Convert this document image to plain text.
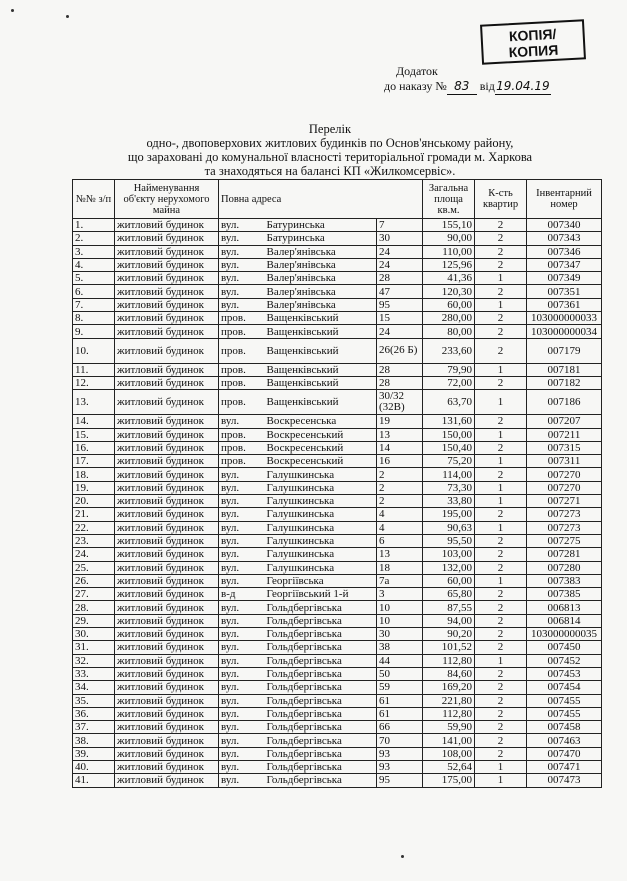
КОПІЯ/
КОПИЯ
Додаток
до наказу № 83 від19.04.19
Перелік
одно-, двоповерхових житлових будинків по Основ'янському району,
що зараховані до комунальної власності територіальної громади м. Харкова
та знаходяться на балансі КП «Жилкомсервіс».
№№ з/п	Найменування об'єкту нерухомого майна	Повна адреса			Загальна площа кв.м.	К-сть квартир	Інвентарний номер
1.	житловий будинок	вул.	Батуринська	7	155,10	2	007340
2.	житловий будинок	вул.	Батуринська	30	90,00	2	007343
3.	житловий будинок	вул.	Валер'янівська	24	110,00	2	007346
4.	житловий будинок	вул.	Валер'янівська	24	125,96	2	007347
5.	житловий будинок	вул.	Валер'янівська	28	41,36	1	007349
6.	житловий будинок	вул.	Валер'янівська	47	120,30	2	007351
7.	житловий будинок	вул.	Валер'янівська	95	60,00	1	007361
8.	житловий будинок	пров.	Ващенківський	15	280,00	2	103000000033
9.	житловий будинок	пров.	Ващенківський	24	80,00	2	103000000034
10.	житловий будинок	пров.	Ващенківський	26(26 Б)	233,60	2	007179
11.	житловий будинок	пров.	Ващенківський	28	79,90	1	007181
12.	житловий будинок	пров.	Ващенківський	28	72,00	2	007182
13.	житловий будинок	пров.	Ващенківський	30/32 (32В)	63,70	1	007186
14.	житловий будинок	вул.	Воскресенська	19	131,60	2	007207
15.	житловий будинок	пров.	Воскресенський	13	150,00	1	007211
16.	житловий будинок	пров.	Воскресенський	14	150,40	2	007315
17.	житловий будинок	пров.	Воскресенський	16	75,20	1	007311
18.	житловий будинок	вул.	Галушкинська	2	114,00	2	007270
19.	житловий будинок	вул.	Галушкинська	2	73,30	1	007270
20.	житловий будинок	вул.	Галушкинська	2	33,80	1	007271
21.	житловий будинок	вул.	Галушкинська	4	195,00	2	007273
22.	житловий будинок	вул.	Галушкинська	4	90,63	1	007273
23.	житловий будинок	вул.	Галушкинська	6	95,50	2	007275
24.	житловий будинок	вул.	Галушкинська	13	103,00	2	007281
25.	житловий будинок	вул.	Галушкинська	18	132,00	2	007280
26.	житловий будинок	вул.	Георгіївська	7а	60,00	1	007383
27.	житловий будинок	в-д	Георгіївський 1-й	3	65,80	2	007385
28.	житловий будинок	вул.	Гольдбергівська	10	87,55	2	006813
29.	житловий будинок	вул.	Гольдбергівська	10	94,00	2	006814
30.	житловий будинок	вул.	Гольдбергівська	30	90,20	2	103000000035
31.	житловий будинок	вул.	Гольдбергівська	38	101,52	2	007450
32.	житловий будинок	вул.	Гольдбергівська	44	112,80	1	007452
33.	житловий будинок	вул.	Гольдбергівська	50	84,60	2	007453
34.	житловий будинок	вул.	Гольдбергівська	59	169,20	2	007454
35.	житловий будинок	вул.	Гольдбергівська	61	221,80	2	007455
36.	житловий будинок	вул.	Гольдбергівська	61	112,80	2	007455
37.	житловий будинок	вул.	Гольдбергівська	66	59,90	2	007458
38.	житловий будинок	вул.	Гольдбергівська	70	141,00	2	007463
39.	житловий будинок	вул.	Гольдбергівська	93	108,00	2	007470
40.	житловий будинок	вул.	Гольдбергівська	93	52,64	1	007471
41.	житловий будинок	вул.	Гольдбергівська	95	175,00	1	007473
